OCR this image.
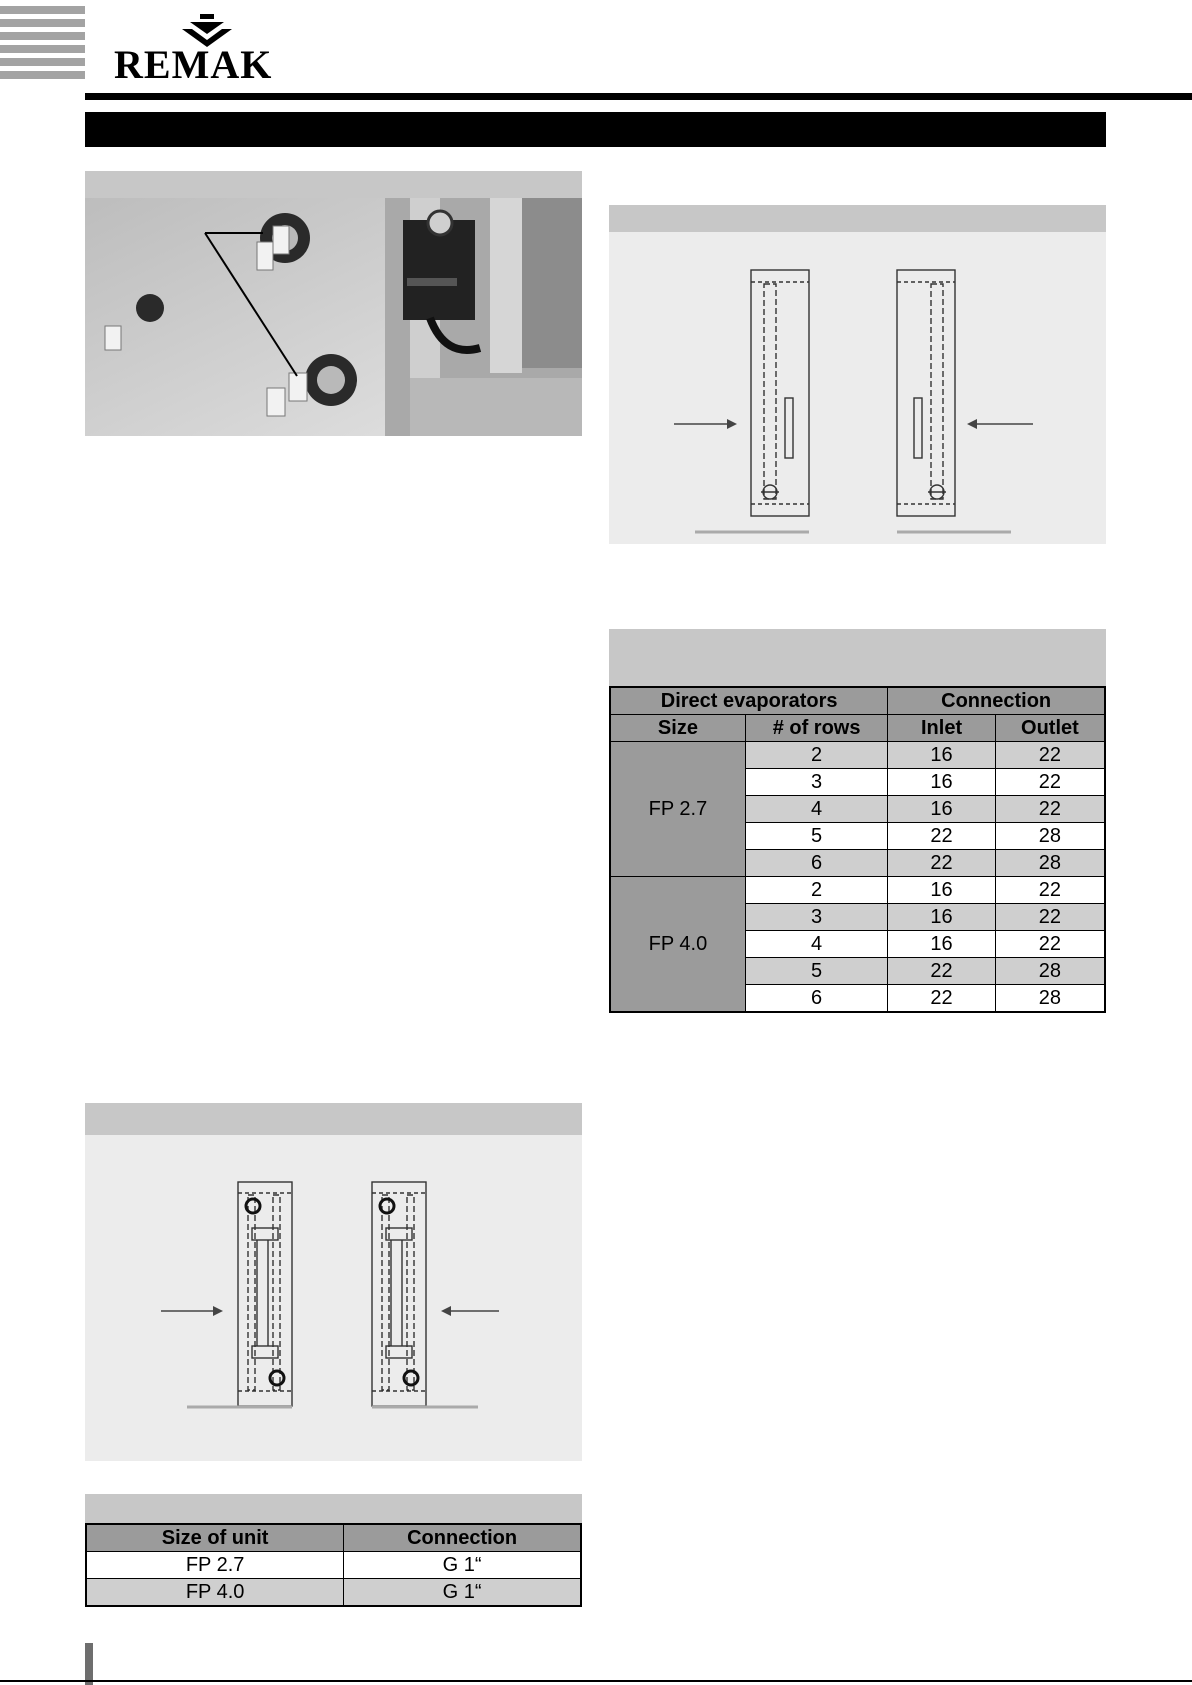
REMAK
Direct evaporators		Connection	
Size	# of rows	Inlet	Outlet
FP 2.7	2	16	22
	3	16	22
	4	16	22
	5	22	28
	6	22	28
FP 4.0	2	16	22
	3	16	22
	4	16	22
	5	22	28
	6	22	28
Size of unit	Connection
FP 2.7	G 1“
FP 4.0	G 1“
